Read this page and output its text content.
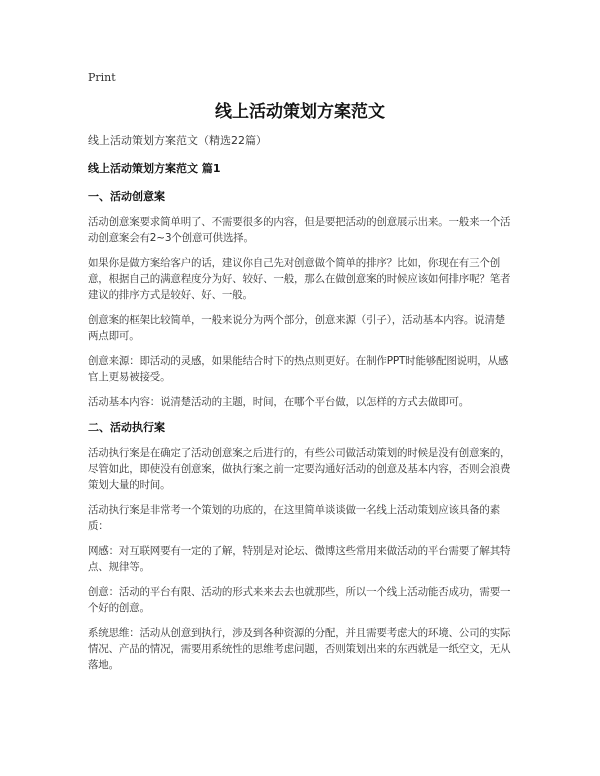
Print
线上活动策划方案范文
线上活动策划方案范文（精选22篇）
线上活动策划方案范文 篇1
一、活动创意案

活动创意案要求简单明了、不需要很多的内容，但是要把活动的创意展示出来。一般来一个活动创意案会有2~3个创意可供选择。

如果你是做方案给客户的话，建议你自己先对创意做个简单的排序？比如，你现在有三个创意，根据自己的满意程度分为好、较好、一般，那么在做创意案的时候应该如何排序呢？笔者建议的排序方式是较好、好、一般。

创意案的框架比较简单，一般来说分为两个部分，创意来源（引子），活动基本内容。说清楚两点即可。

创意来源：即活动的灵感，如果能结合时下的热点则更好。在制作PPT时能够配图说明，从感官上更易被接受。

活动基本内容：说清楚活动的主题，时间，在哪个平台做，以怎样的方式去做即可。

二、活动执行案

活动执行案是在确定了活动创意案之后进行的，有些公司做活动策划的时候是没有创意案的，尽管如此，即使没有创意案，做执行案之前一定要沟通好活动的创意及基本内容，否则会浪费策划大量的时间。

活动执行案是非常考一个策划的功底的，在这里简单谈谈做一名线上活动策划应该具备的素质：

网感：对互联网要有一定的了解，特别是对论坛、微博这些常用来做活动的平台需要了解其特点、规律等。

创意：活动的平台有限、活动的形式来来去去也就那些，所以一个线上活动能否成功，需要一个好的创意。

系统思维：活动从创意到执行，涉及到各种资源的分配，并且需要考虑大的环境、公司的实际情况、产品的情况，需要用系统性的思维考虑问题，否则策划出来的东西就是一纸空文，无从落地。
